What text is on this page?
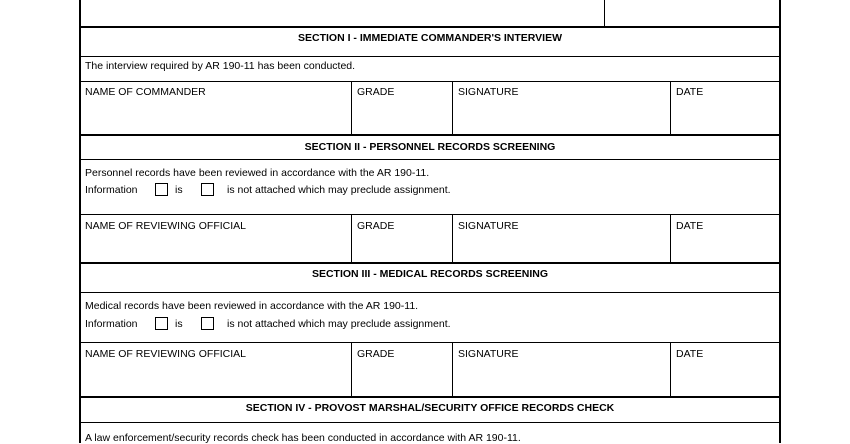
SECTION I - IMMEDIATE COMMANDER'S INTERVIEW
The interview required by AR 190-11 has been conducted.
NAME OF COMMANDER	GRADE	SIGNATURE	DATE
SECTION II - PERSONNEL RECORDS SCREENING
Personnel records have been reviewed in accordance with the AR 190-11.
Information	is	is not attached which may preclude assignment.
NAME OF REVIEWING OFFICIAL	GRADE	SIGNATURE	DATE
SECTION III - MEDICAL RECORDS SCREENING
Medical records have been reviewed in accordance with the AR 190-11.
Information	is	is not attached which may preclude assignment.
NAME OF REVIEWING OFFICIAL	GRADE	SIGNATURE	DATE
SECTION IV - PROVOST MARSHAL/SECURITY OFFICE RECORDS CHECK
A law enforcement/security records check has been conducted in accordance with AR 190-11.
